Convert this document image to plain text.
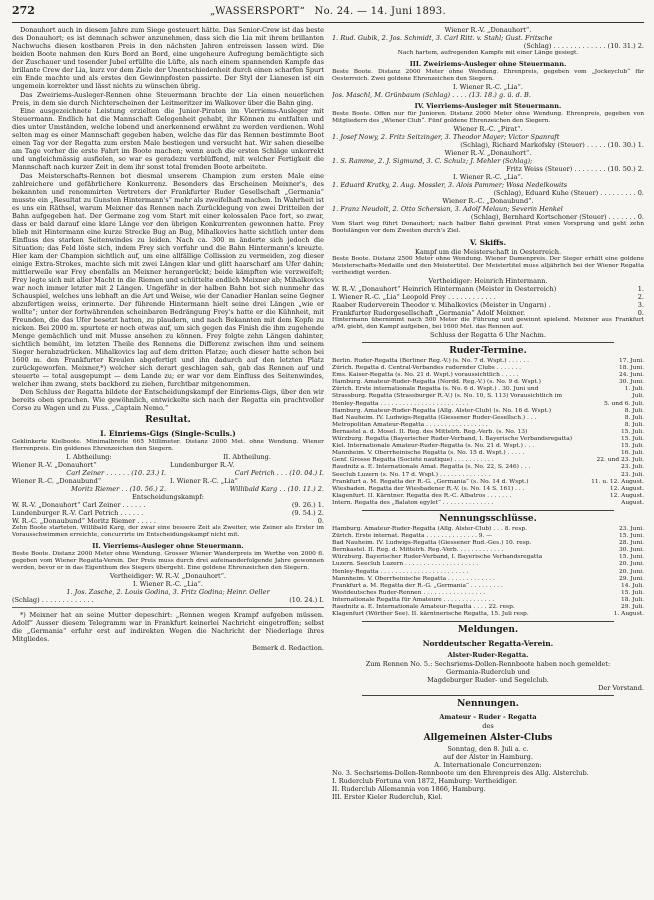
272	„WASSERSPORT“ No. 24. — 14. Juni 1893.

Donauhort auch in diesem Jahre zum Siege gesteuert hätte. Das Senior-Crew ist das beste des Donauhort; es ist demnach schwer anzunehmen, dass sich die Lia mit ihrem brillanten Nachwuchs diesen kostbaren Preis in den nächsten Jahren entreissen lassen wird. Die beiden Boote nahmen den Kurs Bord an Bord, eine ungeheure Aufregung bemächtigte sich der Zuschauer und tosender Jubel erfüllte die Lüfte, als nach einem spannenden Kampfe das brillante Crew der Lia, kurz vor dem Ziele der Unentschiedenheit durch einen scharfen Spurt ein Ende machte und als erstes den Gewinnpfosten passirte. Der Styl der Lianesen ist ein ungemein korrekter und lässt nichts zu wünschen übrig.

Das Zweiriems-Ausleger-Rennen ohne Steuermann brachte der Lia einen neuerlichen Preis, in dem sie durch Nichterscheinen der Leitmeritzer im Walkover über die Bahn ging.

Eine ausgezeichnete Leistung erzielten die Junior-Piraten im Vierriems-Ausleger mit Steuermann. Endlich hat die Mannschaft Gelegenheit gehabt, ihr Können zu entfalten und dies unter Umständen, welche lobend und anerkennend erwähnt zu werden verdienen. Wohl selten mag es einer Mannschaft gegeben haben, welche das für das Rennen bestimmte Boot einen Tag vor der Regatta zum ersten Male bestiegen und versucht hat. Wir sahen dieselbe am Tage vorher die erste Fahrt im Boote machen; wenn auch die ersten Schläge unkorrekt und ungleichmässig ausfielen, so war es geradezu verblüffend, mit welcher Fertigkeit die Mannschaft nach kurzer Zeit in dem ihr sonst total fremden Boote arbeitete.

Das Meisterschafts-Rennen bot diesmal unserem Champion zum ersten Male eine zahlreichere und gefährlichere Konkurrenz. Besonders das Erscheinen Meixner's, des bekannten und renommirten Vertreters der Frankfurter Ruder Gesellschaft „Germania“ musste ein „Resultat zu Gunsten Hintermann's“ mehr als zweifelhaft machen. In Wahrheit ist es uns ein Räthsel, warum Meixner das Rennen nach Zurücklegung von zwei Dritteilen der Bahn aufgegeben hat. Der Germane zog vom Start mit einer kolossalen Pace fort, so zwar, dass er bald darauf eine klare Länge vor den übrigen Konkurrenten gewonnen hatte. Frey blieb mit Hintermann eine kurze Strecke Bug an Bug, Mihalkovics hatte sichtlich unter dem Einfluss des starken Seitenwindes zu leiden. Nach ca. 300 m änderte sich jedoch die Situation; das Feld löste sich, indem Frey sich vorfuhr und die Bahn Hintermann's kreuzte. Hier kam der Champion sichtlich auf, um eine allfällige Collission zu vermeiden, zog dieser einige Extra-Strokes, machte sich mit zwei Längen klar und glitt haarscharf am Ufer dahin; mittlerweile war Frey ebenfalls an Meixner herangerückt; beide kämpften wie verzweifelt; Frey legte sich mit aller Macht in die Riemen und schüttelte endlich Meixner ab; Mihalkovics war noch immer letzter mit 2 Längen. Ungefähr in der halben Bahn bot sich nunmehr das Schauspiel, welches uns lebhaft an die Art und Weise, wie der Canadier Hanlan seine Gegner abzufertigen weiss, erinnerte. Der führende Hintermann hielt seine drei Längen „wie er wollte“; unter der fortwährenden scheinbaren Bedrängung Frey's hatte er die Kühnheit, mit Freunden, die das Ufer besetzt hatten, zu plaudern, und nach Bekannten mit dem Kopfe zu nicken. Bei 2000 m. spurtete er noch etwas auf, um sich gegen das Finish die ihm zugehende Menge gemächlich und mit Musse ansehen zu können. Frey folgte zehn Längen dahinter, sichtlich bemüht, im letzten Theile des Rennens die Differenz zwischen ihm und seinem Sieger herabzudrücken. Mihalkovics lag auf dem dritten Platze; auch dieser hatte schon bei 1600 m. den Frankfurter Kreulen abgefertigt und ihn dadurch auf den letzten Platz zurückgeworfen. Meixner,*) welcher sich derart geschlagen sah, gab das Rennen auf und steuerte — total ausgepumpt — dem Lande zu; er war vor dem Einfluss des Seitenwindes, welcher ihm zwang, stets backbord zu ziehen, furchtbar mitgenommen.

Den Schluss der Regatta bildete der Entscheidungskampf der Einriems-Gigs, über den wir bereits oben sprachen. Wie gewöhnlich, entwickelte sich nach der Regatta ein prachtvoller Corso zu Wagen und zu Fuss. „Captain Nemo.“

Resultat.
I. Einriems-Gigs (Single-Sculls.)
Geklinkerte Kielboote. Minimalbreite 665 Millimeter. Distanz 2000 Met. ohne Wendung. Wiener Herrenpreis. Ein goldenes Ehrenzeichen den Siegern.
I. Abtheilung:
Wiener R.-V. „Donauhort“
Carl Zeiner . . . . . . (10. 23.) I.
Wiener R.-C. „Donaubund“
Moritz Riemer . . (10. 56.) 2.
II. Abtheilung.
Lundenburger R.-V.
Carl Petrich . . . (10. 04.) I.
I. Wiener R.-C. „Lia“
Willibald Karg . . (10. 11.) 2.
Entscheidungskampf:
W. R.-V. „Donauhort“ Carl Zeiner . . . . . .	(9. 26.) 1.
Lundenburger R.-V. Carl Petrich . . . . . .	(9. 54.) 2.
W. R.-C. „Donaubund“ Moritz Riemer . . . . .	0.
Zehn Boote starteten. Willibald Karg, der zwar eine bessere Zeit als Zweiter, wie Zeiner als Erster im Vorausschwimmen erreichte, concurrirte im Entscheidungskampf nicht mit.
II. Vierriems-Ausleger ohne Steuermann.
Beste Boote. Distanz 2000 Meter ohne Wendung. Grosser Wiener Wanderpreis im Werthe von 2000 fl. gegeben vom Wiener Regatta-Verein. Der Preis muss durch drei aufeinanderfolgende Jahre gewonnen werden, bevor er in das Eigenthum des Siegers übergeht. Eine goldene Ehrenzeichen den Siegern.
Vertheidiger: W. R.-V. „Donauhort“.
I. Wiener R.-C. „Lia“.
1. Jos. Zasche, 2. Louis Godina, 3. Fritz Godina; Heinr. Oeller
(Schlag) . . . . . . . . . . . . .	(10. 24.) I.

*) Meixner hat an seine Mutter depeschirt: „Rennen wegen Krampf aufgeben müssen. Adolf“ Ausser diesem Telegramm war in Frankfurt keinerlei Nachricht eingetroffen; selbst die „Germania“ erfuhr erst auf indirekten Wegen die Nachricht der Niederlage ihres Mitgliedes.

Bemerk d. Redaction.
Wiener R.-V. „Donauhort“.
1. Rud. Gubik, 2. Jos. Schmidt, 3. Carl Ritt. v. Stahl; Gust. Fritsche
(Schlag) . . . . . . . . . . . . . (10. 31.) 2.
Nach hartem, aufregenden Kampfe mit einer Länge gesiegt.
III. Zweiriems-Ausleger ohne Steuermann.
Beste Boote. Distanz 2000 Meter ohne Wendung. Ehrenpreis, gegeben vom „Jockeyclub“ für Oesterreich. Zwei goldene Ehrenzeichen den Siegern.
I. Wiener R.-C. „Lia“.
Jos. Maschl, M. Grünbaum (Schlag) . . . . (13. 18.) g. ü. d. B.
IV. Vierriems-Ausleger mit Steuermann.
Beste Boote. Offen nur für Junioren. Distanz 2000 Meter ohne Wendung. Ehrenpreis, gegeben von Mitgliedern des „Wiener Club“. Fünf goldene Ehrenzeichen den Siegern.
Wiener R.-C. „Pirat“.
1. Josef Nowy, 2. Fritz Seitzinger, 3. Theodor Mayer; Victor Spanraft
(Schlag), Richard Markofsky (Steuer) . . . . . (10. 30.) 1.
Wiener R.-V. „Donauhort“.
1. S. Ramme, 2. J. Sigmund, 3. C. Schulz; J. Mehler (Schlag);
Fritz Weiss (Steuer) . . . . . . . . (10. 50.) 2.
I. Wiener R.-C. „Lia“.
1. Eduard Kratky, 2. Aug. Mossler, 3. Alois Pammer; Wosa Nedelkowits
(Schlag), Eduard Kuhe (Steuer) . . . . . . . . . 0.
Wiener R.-C. „Donaubund“.
1. Franz Neudolt, 2. Otto Schersian, 3. Adolf Melaun; Severin Henkel
(Schlag), Bernhard Kortschoner (Steuer) . . . . . . . 0.
Vom Start weg führt Donauhort; nach halber Bahn gewinnt Pirat einen Vorsprung und geht zehn Bootslängen vor dem Zweiten durch's Ziel.
V. Skiffs.
Kampf um die Meisterschaft in Oesterreich.
Beste Boote. Distanz 2500 Meter ohne Wendung. Wiener Damenpreis. Der Sieger erhält eine goldene Meisterschafts-Medaille und den Meistertitel. Der Meistertitel muss alljährlich bei der Wiener Regatta vertheidigt werden.
Vertheidiger: Heinrich Hintermann.
W. R.-V. „Donauhort“ Heinrich Hintermann (Meister in Oesterreich)	1.
I. Wiener R.-C. „Lia“ Leopold Frey . . . . . . . . . . . .	2.
Raaber Ruderverein Theodor v. Mihalkovics (Meister in Ungarn) .	3.
Frankfurter Rudergesellschaft „Germania“ Adolf Meixner.	0.
Hintermann übernimmt nach 500 Meter die Führung und gewinnt spielend. Meixner aus Frankfurt a/M. giebt, den Kampf aufgeben, bei 1600 Met. das Rennen auf.
Schluss der Regatta 6 Uhr Nachm.
Ruder-Termine.
Berlin. Ruder-Regatta (Berliner Reg.-V.) (s. No. 7 d. Wspt.) . . . . . .	17. Juni.
Zürich. Regatta d. Central-Verbandes rudernder Clubs . . . . . . .	18. Juni.
Ems. Kaiser-Regatta (s. No. 21 d. Wspt.) voraussichtlich . . . . .	24. Juni.
Hamburg. Amateur-Ruder-Regatta (Nordd. Reg.-V.) (s. No. 9 d. Wspt.)	30. Juni.
Zürich. Erste internationale Regatta (s. No. 6 d. Wspt.) . 30. Juni und	1. Juli.
Strassburg. Regatta (Strassburger R.-V.) (s. No. 10, S. 113) Vorausichtlich im	Juli.
Henley-Regatta . . . . . . . . . . . . . . . . . . . . . . . .	5. und 6. Juli.
Hamburg. Amateur-Ruder-Regatta (Allg. Alster-Club) (s. No. 16 d. Wspt.)	8. Juli.
Bad Nauheim. IV. Ludwigs-Regatta (Giessener Ruder-Gesellsch.) . . .	8. Juli.
Metropolitan Amateur-Regatta . . . . . . . . . . . . . . . . .	8. Juli.
Bernastel a. d. Mosel. II. Reg. des Mittelrh. Reg.-Verb. (s. No. 13)	15. Juli.
Würzburg. Regatta (Bayerischer Ruder-Verband, I. Bayerische Verbandsregatta)	15. Juli.
Kiel. Internationale Amateur-Ruder-Regatta (s. No. 21 d. Wspt.) . . .	15. Juli.
Mannheim. V. Oberrheinische Regatta (s. No. 15 d. Wspt.) . . . . .	16. Juli.
Genf. Grosse Regatta (Société nautique) . . . . . . . . . . .	22. und 23. Juli.
Raudnitz a. E. Internationale Amat. Regatta (s. No. 22, S. 246) . . .	23. Juli.
Seeclub Luzern (s. No. 17 d. Wspt.) . . . . . . . . . . . . . .	23. Juli.
Frankfurt a. M. Regatta der R.-G. „Germania“ (s. No. 14 d. Wspt.)	11. u. 12. August.
Wiesbaden. Regatta der Wiesbadener R.-V. (s. No. 14 S. 161) . . .	12. August.
Klagenfurt. II. Kärntner. Regatta des R.-C. Albatros . . . . . . .	12. August.
Intern. Regatta des „Balaton egylet“ . . . . . . . . . . . . . .	August.
Nennungsschlüsse.
Hamburg. Amateur-Ruder-Regatta (Allg. Alster-Club) . . . 8. resp.	23. Juni.
Zürich. Erste internat. Regatta . . . . . . . . . . . . . . 9. —	15. Juni.
Bad Nauheim. IV. Ludwigs-Regatta (Giessener Rud.-Ges.) 10. resp.	28. Juni.
Bernkastel. II. Reg. d. Mittelrh. Reg.-Verb. . . . . . . . . . . . .	30. Juni.
Würzburg. Bayerischer Ruder-Verband, I. Bayerische Verbandsregatta	15. Juni.
Luzern. Seeclub Luzern . . . . . . . . . . . . . . . . . . . .	20. Juni.
Henley-Regatta . . . . . . . . . . . . . . . . . . . . . . . .	20. Juni.
Mannheim. V. Oberrheinische Regatta . . . . . . . . . . . . .	29. Juni.
Frankfurt a. M. Regatta der R.-G. „Germania“ . . . . . . . . .	14. Juli.
Westdeutsches Ruder-Rennen . . . . . . . . . . . . . . . . .	15. Juli.
Internationale Regatta für Amateure . . . . . . . . . . . . . .	18. Juli.
Raudnitz a. E. Internationale Amateur-Regatta . . . . 22. resp.	29. Juli.
Klagenfurt (Wörther See). II. kärntnerische Regatta, 15. Juli resp.	1. August.
Meldungen.
Norddeutscher Regatta-Verein.
Alster-Ruder-Regatta.
Zum Rennen No. 5.: Sechsriems-Dollen-Rennboote haben noch gemeldet:
Germania-Ruderclub und
Magdeburger Ruder- und Segelclub.
Der Vorstand.
Nennungen.
Amateur - Ruder - Regatta
des
Allgemeinen Alster-Clubs
Sonntag, den 8. Juli a. c.
auf der Alster in Hamburg.
A. Internationale Concurrenzen:
No. 3. Sechsriems-Dollen-Rennboote um den Ehrenpreis des Allg. Alsterclub.
I. Ruderclub Fortuna von 1872, Hamburg: Vertheidiger.
II. Ruderclub Allemannia von 1866, Hamburg.
III. Erster Kieler Ruderclub, Kiel.
